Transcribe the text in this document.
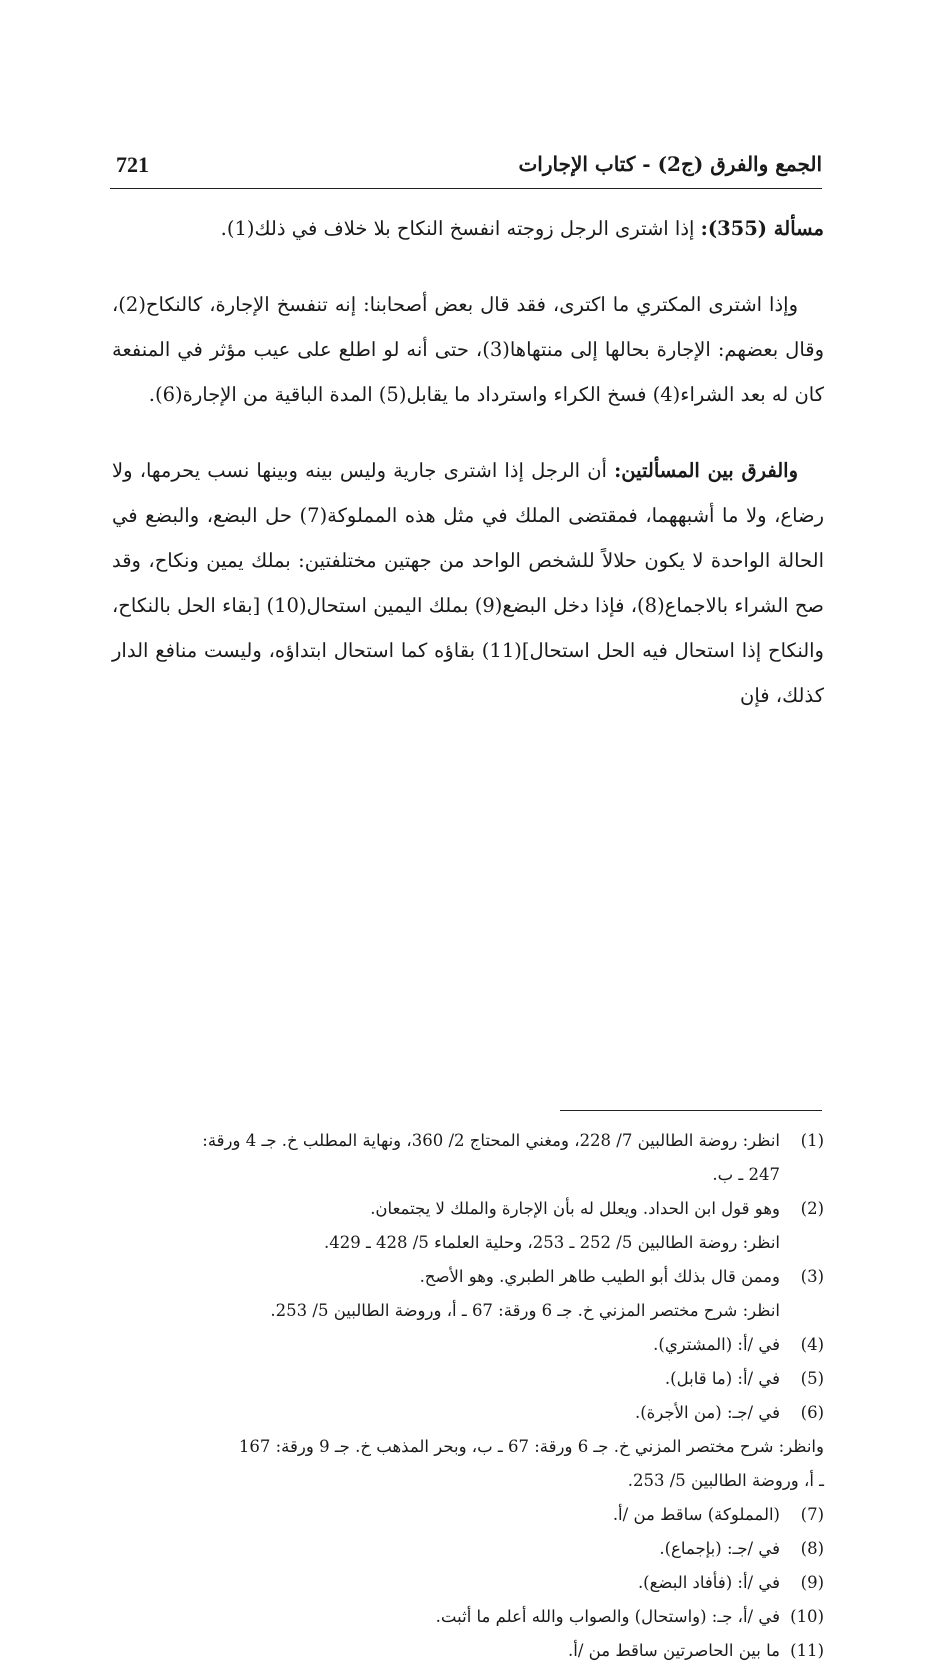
721	الجمع والفرق (ج2) - كتاب الإجارات

مسألة (355): إذا اشترى الرجل زوجته انفسخ النكاح بلا خلاف في ذلك(1).

وإذا اشترى المكتري ما اكترى، فقد قال بعض أصحابنا: إنه تنفسخ الإجارة، كالنكاح(2)، وقال بعضهم: الإجارة بحالها إلى منتهاها(3)، حتى أنه لو اطلع على عيب مؤثر في المنفعة كان له بعد الشراء(4) فسخ الكراء واسترداد ما يقابل(5) المدة الباقية من الإجارة(6).

والفرق بين المسألتين: أن الرجل إذا اشترى جارية وليس بينه وبينها نسب يحرمها، ولا رضاع، ولا ما أشبههما، فمقتضى الملك في مثل هذه المملوكة(7) حل البضع، والبضع في الحالة الواحدة لا يكون حلالاً للشخص الواحد من جهتين مختلفتين: بملك يمين ونكاح، وقد صح الشراء بالاجماع(8)، فإذا دخل البضع(9) بملك اليمين استحال(10) [بقاء الحل بالنكاح، والنكاح إذا استحال فيه الحل استحال](11) بقاؤه كما استحال ابتداؤه، وليست منافع الدار كذلك، فإن

(1)
انظر: روضة الطالبين 7/ 228، ومغني المحتاج 2/ 360، ونهاية المطلب خ. جـ 4 ورقة:
247 ـ ب.
(2)
وهو قول ابن الحداد. ويعلل له بأن الإجارة والملك لا يجتمعان.
انظر: روضة الطالبين 5/ 252 ـ 253، وحلية العلماء 5/ 428 ـ 429.
(3)
وممن قال بذلك أبو الطيب طاهر الطبري. وهو الأصح.
انظر: شرح مختصر المزني خ. جـ 6 ورقة: 67 ـ أ، وروضة الطالبين 5/ 253.
(4)
في /أ: (المشتري).
(5)
في /أ: (ما قابل).
(6)
في /جـ: (من الأجرة).
وانظر: شرح مختصر المزني خ. جـ 6 ورقة: 67 ـ ب، وبحر المذهب خ. جـ 9 ورقة: 167
ـ أ، وروضة الطالبين 5/ 253.
(7)
(المملوكة) ساقط من /أ.
(8)
في /جـ: (بإجماع).
(9)
في /أ: (فأفاد البضع).
(10)
في /أ، جـ: (واستحال) والصواب والله أعلم ما أثبت.
(11)
ما بين الحاصرتين ساقط من /أ.
